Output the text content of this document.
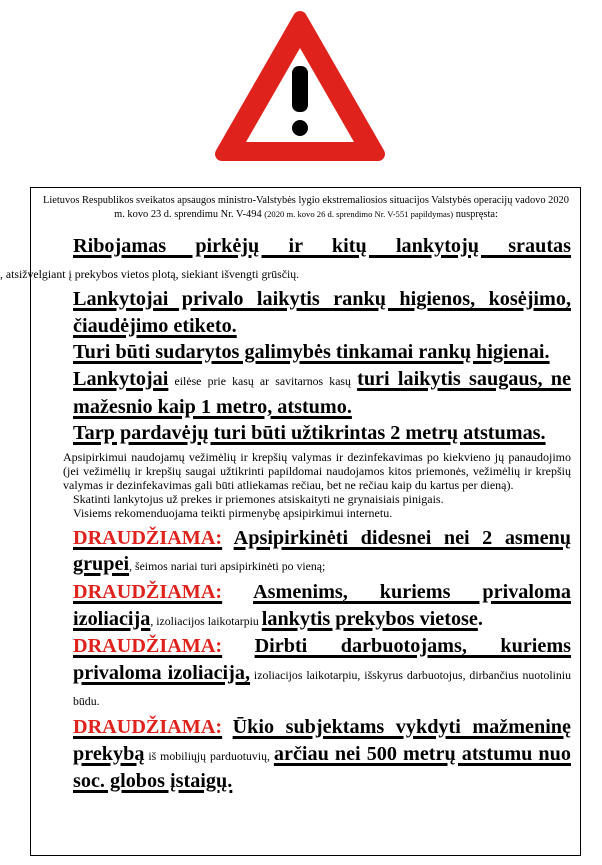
Lietuvos Respublikos sveikatos apsaugos ministro-Valstybės lygio ekstremaliosios situacijos Valstybės operacijų vadovo 2020 m. kovo 23 d. sprendimu Nr. V-494 (2020 m. kovo 26 d. sprendimo Nr. V-551 papildymas) nuspręsta:

Ribojamas pirkėjų ir kitų lankytojų srautas, atsižvelgiant į prekybos vietos plotą, siekiant išvengti grūsčių.

Lankytojai privalo laikytis rankų higienos, kosėjimo, čiaudėjimo etiketo.

Turi būti sudarytos galimybės tinkamai rankų higienai.

Lankytojai eilėse prie kasų ar savitarnos kasų turi laikytis saugaus, ne mažesnio kaip 1 metro, atstumo.

Tarp pardavėjų turi būti užtikrintas 2 metrų atstumas.

Apsipirkimui naudojamų vežimėlių ir krepšių valymas ir dezinfekavimas po kiekvieno jų panaudojimo (jei vežimėlių ir krepšių saugai užtikrinti papildomai naudojamos kitos priemonės, vežimėlių ir krepšių valymas ir dezinfekavimas gali būti atliekamas rečiau, bet ne rečiau kaip du kartus per dieną).

Skatinti lankytojus už prekes ir priemones atsiskaityti ne grynaisiais pinigais.

Visiems rekomenduojama teikti pirmenybę apsipirkimui internetu.

DRAUDŽIAMA: Apsipirkinėti didesnei nei 2 asmenų grupei, šeimos nariai turi apsipirkinėti po vieną;

DRAUDŽIAMA: Asmenims, kuriems privaloma izoliacija, izoliacijos laikotarpiu lankytis prekybos vietose.

DRAUDŽIAMA: Dirbti darbuotojams, kuriems privaloma izoliacija, izoliacijos laikotarpiu, išskyrus darbuotojus, dirbančius nuotoliniu būdu.

DRAUDŽIAMA: Ūkio subjektams vykdyti mažmeninę prekybą iš mobiliųjų parduotuvių, arčiau nei 500 metrų atstumu nuo soc. globos įstaigų.
